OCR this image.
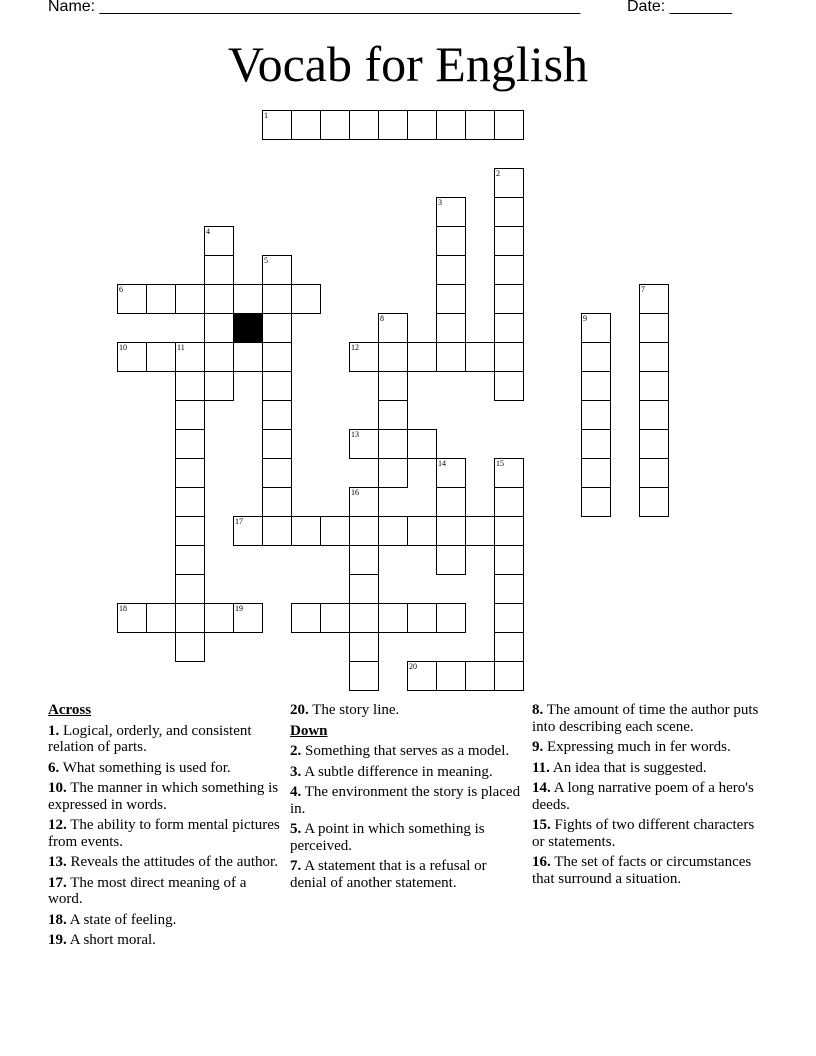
Name: ______________________________________________________	Date: _______
Vocab for English
1
2
3
4
5
6
10	11	12
8
13
7
9
14	15
16
17
18	19
20
Across
1. Logical, orderly, and consistent relation of parts.
6. What something is used for.
10. The manner in which something is expressed in words.
12. The ability to form mental pictures from events.
13. Reveals the attitudes of the author.
17. The most direct meaning of a word.
18. A state of feeling.
19. A short moral.
20. The story line.
Down
2. Something that serves as a model.
3. A subtle difference in meaning.
4. The environment the story is placed in.
5. A point in which something is perceived.
7. A statement that is a refusal or denial of another statement.
8. The amount of time the author puts into describing each scene.
9. Expressing much in fer words.
11. An idea that is suggested.
14. A long narrative poem of a hero's deeds.
15. Fights of two different characters or statements.
16. The set of facts or circumstances that surround a situation.
